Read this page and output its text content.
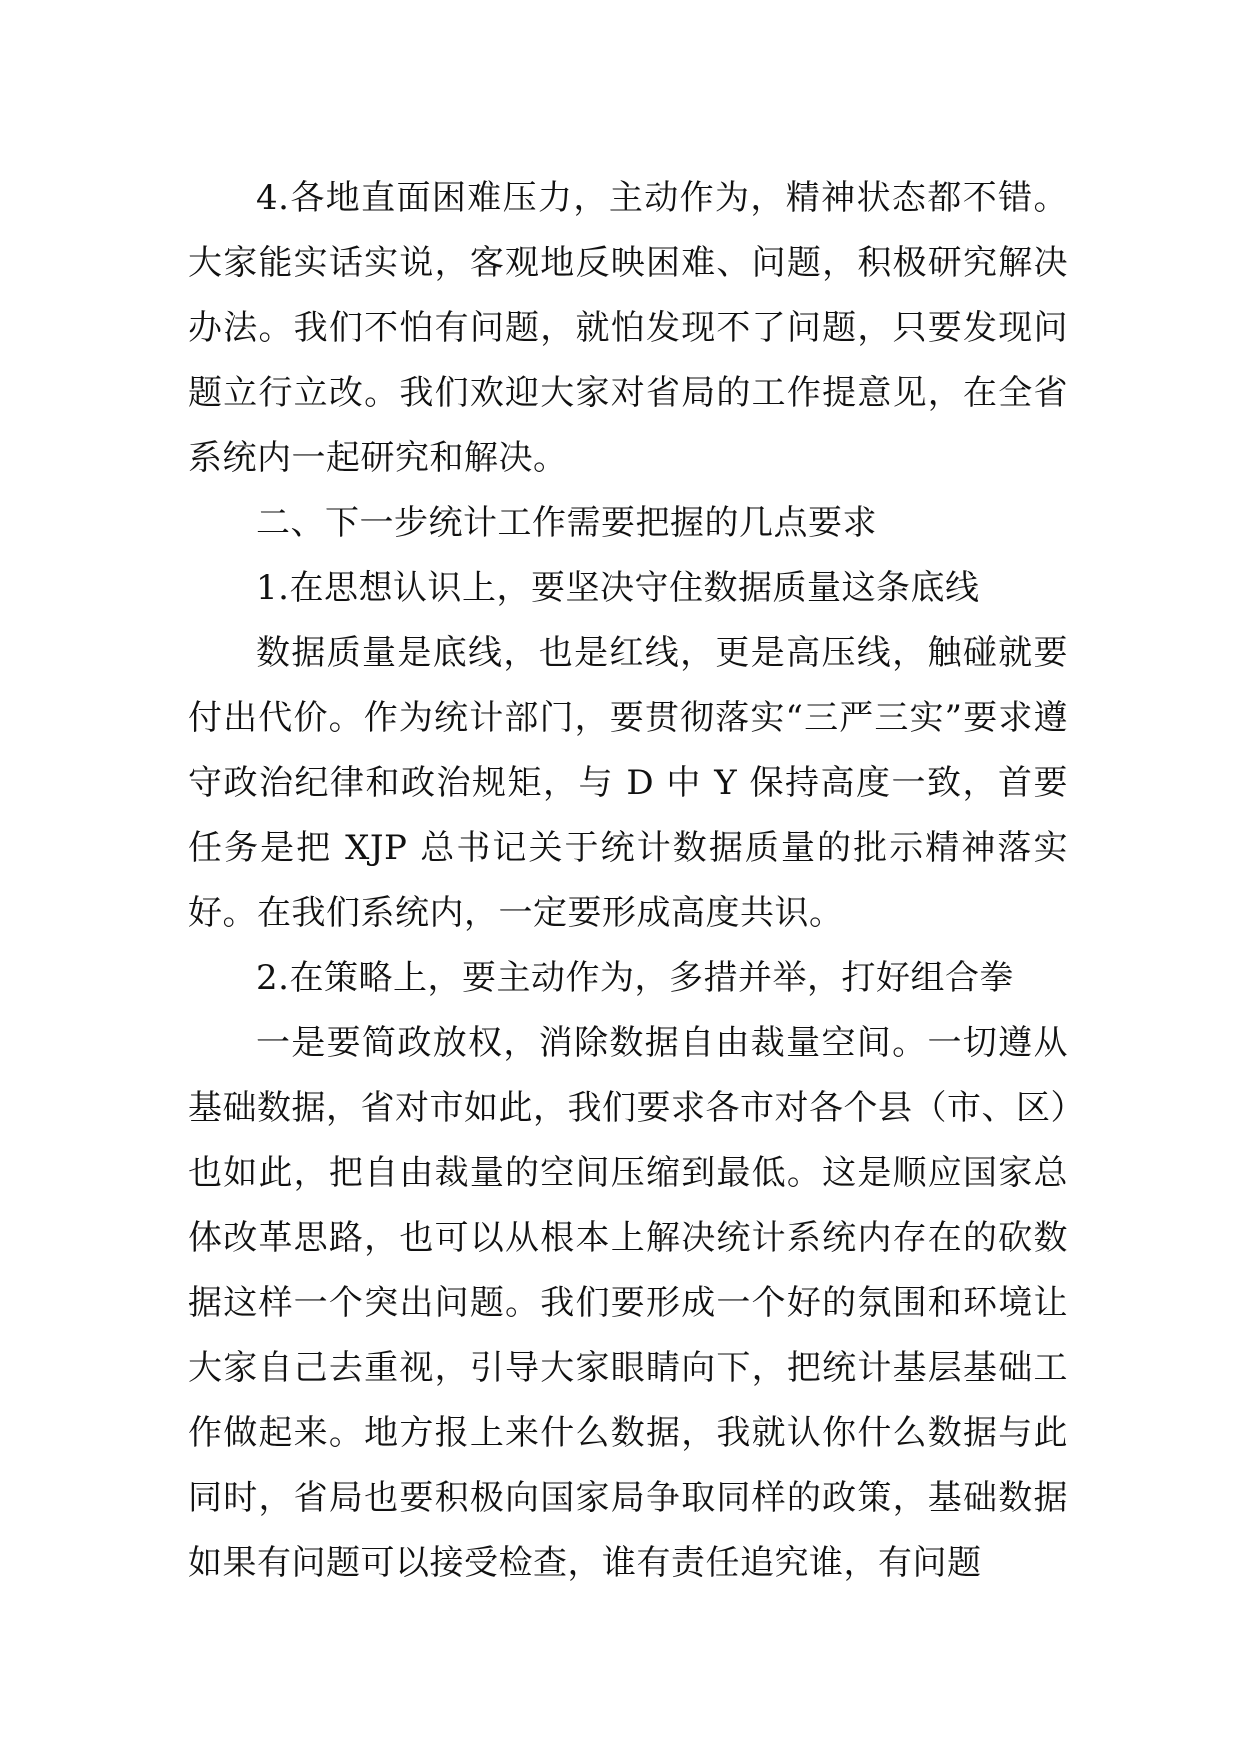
4.各地直面困难压力，主动作为，精神状态都不错。大家能实话实说，客观地反映困难、问题，积极研究解决办法。我们不怕有问题，就怕发现不了问题，只要发现问题立行立改。我们欢迎大家对省局的工作提意见，在全省系统内一起研究和解决。

二、下一步统计工作需要把握的几点要求

1.在思想认识上，要坚决守住数据质量这条底线

数据质量是底线，也是红线，更是高压线，触碰就要付出代价。作为统计部门，要贯彻落实“三严三实”要求遵守政治纪律和政治规矩，与 D 中 Y 保持高度一致，首要任务是把 XJP 总书记关于统计数据质量的批示精神落实好。在我们系统内，一定要形成高度共识。

2.在策略上，要主动作为，多措并举，打好组合拳

一是要简政放权，消除数据自由裁量空间。一切遵从基础数据，省对市如此，我们要求各市对各个县（市、区）也如此，把自由裁量的空间压缩到最低。这是顺应国家总体改革思路，也可以从根本上解决统计系统内存在的砍数据这样一个突出问题。我们要形成一个好的氛围和环境让大家自己去重视，引导大家眼睛向下，把统计基层基础工作做起来。地方报上来什么数据，我就认你什么数据与此同时，省局也要积极向国家局争取同样的政策，基础数据如果有问题可以接受检查，谁有责任追究谁，有问题
